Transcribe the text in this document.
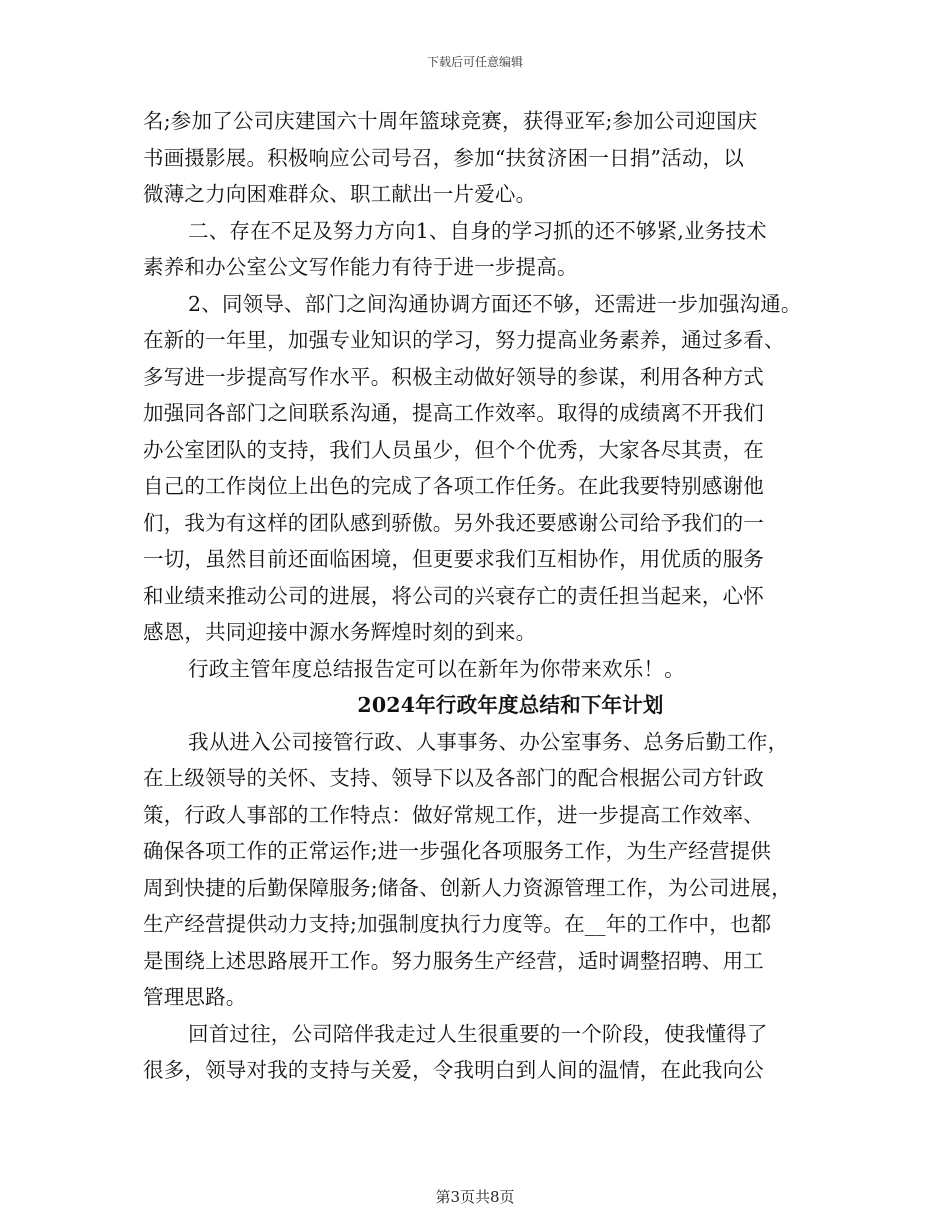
下载后可任意编辑
名;参加了公司庆建国六十周年篮球竞赛，获得亚军;参加公司迎国庆
书画摄影展。积极响应公司号召，参加“扶贫济困一日捐”活动，以
微薄之力向困难群众、职工献出一片爱心。
二、存在不足及努力方向1、自身的学习抓的还不够紧,业务技术
素养和办公室公文写作能力有待于进一步提高。
2、同领导、部门之间沟通协调方面还不够，还需进一步加强沟通。
在新的一年里，加强专业知识的学习，努力提高业务素养，通过多看、
多写进一步提高写作水平。积极主动做好领导的参谋，利用各种方式
加强同各部门之间联系沟通，提高工作效率。取得的成绩离不开我们
办公室团队的支持，我们人员虽少，但个个优秀，大家各尽其责，在
自己的工作岗位上出色的完成了各项工作任务。在此我要特别感谢他
们，我为有这样的团队感到骄傲。另外我还要感谢公司给予我们的一
一切，虽然目前还面临困境，但更要求我们互相协作，用优质的服务
和业绩来推动公司的进展，将公司的兴衰存亡的责任担当起来，心怀
感恩，共同迎接中源水务辉煌时刻的到来。
行政主管年度总结报告定可以在新年为你带来欢乐！。
2024年行政年度总结和下年计划
我从进入公司接管行政、人事事务、办公室事务、总务后勤工作，
在上级领导的关怀、支持、领导下以及各部门的配合根据公司方针政
策，行政人事部的工作特点：做好常规工作，进一步提高工作效率、
确保各项工作的正常运作;进一步强化各项服务工作，为生产经营提供
周到快捷的后勤保障服务;储备、创新人力资源管理工作，为公司进展，
生产经营提供动力支持;加强制度执行力度等。在__年的工作中，也都
是围绕上述思路展开工作。努力服务生产经营，适时调整招聘、用工
管理思路。
回首过往，公司陪伴我走过人生很重要的一个阶段，使我懂得了
很多，领导对我的支持与关爱，令我明白到人间的温情，在此我向公
第3页共8页
